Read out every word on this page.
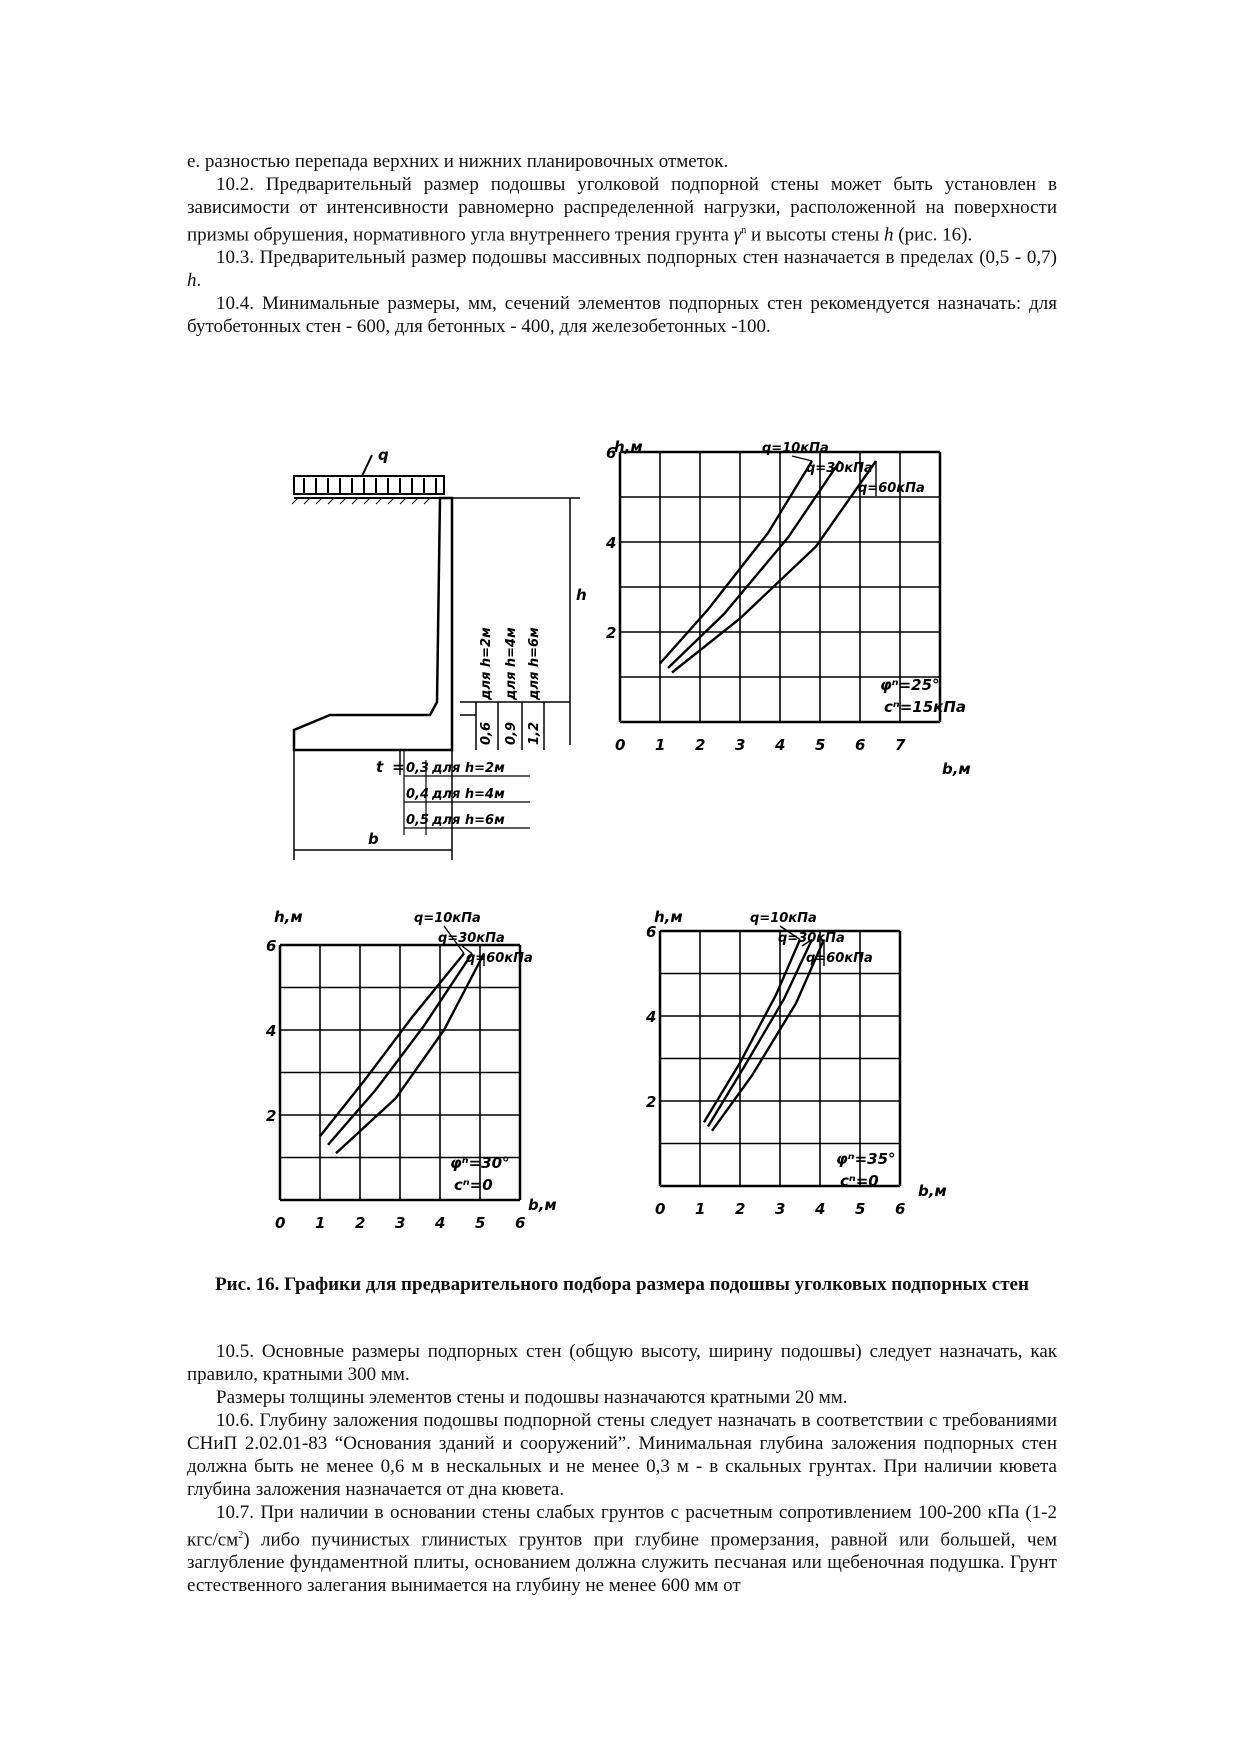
е. разностью перепада верхних и нижних планировочных отметок.

10.2. Предварительный размер подошвы уголковой подпорной стены может быть установлен в зависимости от интенсивности равномерно распределенной нагрузки, расположенной на поверхности призмы обрушения, нормативного угла внутреннего трения грунта $\gamma^n$ и высоты стены h (рис. 16).

10.3. Предварительный размер подошвы массивных подпорных стен назначается в пределах (0,5 - 0,7) h.

10.4. Минимальные размеры, мм, сечений элементов подпорных стен рекомендуется назначать: для бутобетонных стен - 600, для бетонных - 400, для железобетонных -100.

q
h
для h=2м для h=4м для h=6м
0,6 0,9 1,2
t = 0,3 для h=2м
0,4 для h=4м
0,5 для h=6м
b
q=10кПа
q=30кПа
q=60кПа
0 1 2 3 4 5 6 7
2
4
6
h,м
b,м
φⁿ=25°
cⁿ=15кПа
q=10кПа
q=30кПа
q=60кПа
0 1 2 3 4 5 6
2
4
6
h,м
b,м
φⁿ=30°
cⁿ=0
q=10кПа
q=30кПа
q=60кПа
0 1 2 3 4 5 6
2
4
6
h,м
b,м
φⁿ=35°
cⁿ=0
Рис. 16. Графики для предварительного подбора размера подошвы уголковых подпорных стен

10.5. Основные размеры подпорных стен (общую высоту, ширину подошвы) следует назначать, как правило, кратными 300 мм.

Размеры толщины элементов стены и подошвы назначаются кратными 20 мм.

10.6. Глубину заложения подошвы подпорной стены следует назначать в соответствии с требованиями СНиП 2.02.01-83 “Основания зданий и сооружений”. Минимальная глубина заложения подпорных стен должна быть не менее 0,6 м в нескальных и не менее 0,3 м - в скальных грунтах. При наличии кювета глубина заложения назначается от дна кювета.

10.7. При наличии в основании стены слабых грунтов с расчетным сопротивлением 100-200 кПа (1-2 кгс/$см^2$) либо пучинистых глинистых грунтов при глубине промерзания, равной или большей, чем заглубление фундаментной плиты, основанием должна служить песчаная или щебеночная подушка. Грунт естественного залегания вынимается на глубину не менее 600 мм от
